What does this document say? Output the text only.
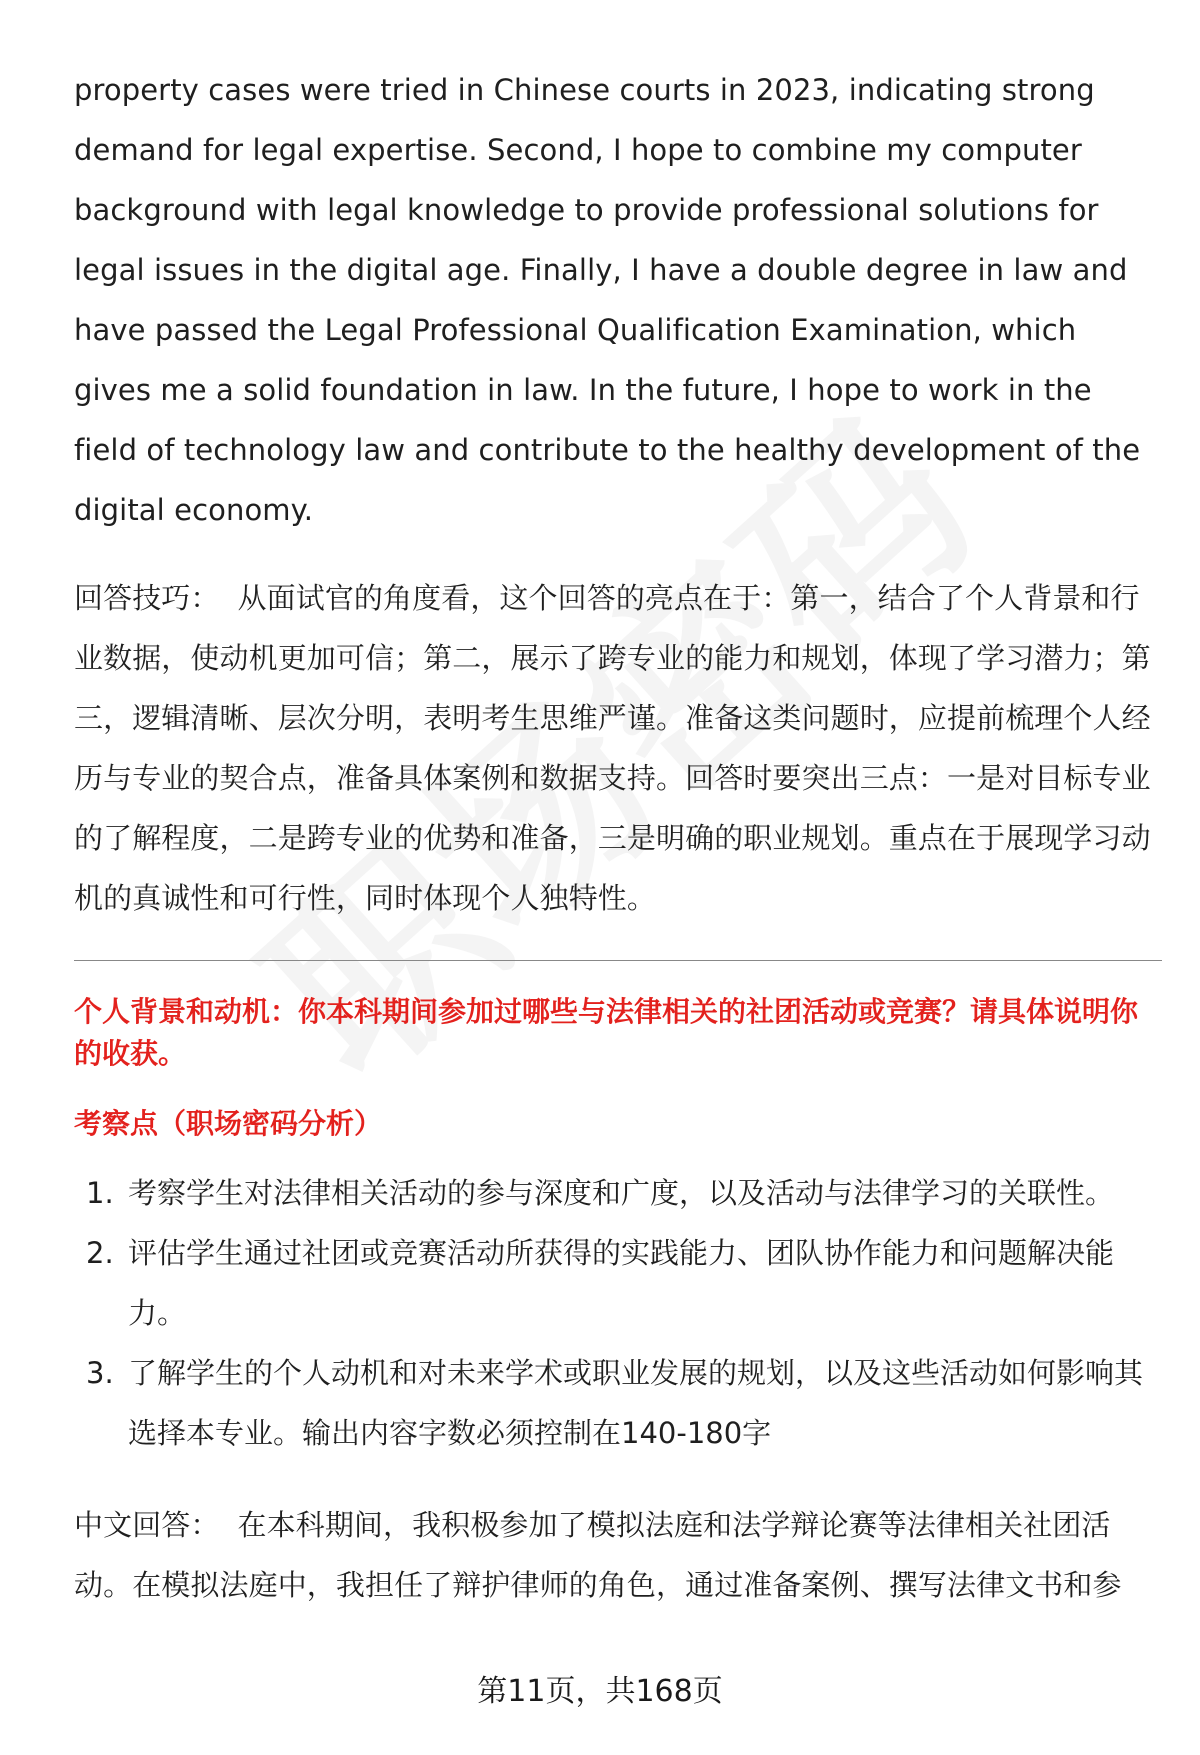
property cases were tried in Chinese courts in 2023, indicating strong demand for legal expertise. Second, I hope to combine my computer background with legal knowledge to provide professional solutions for legal issues in the digital age. Finally, I have a double degree in law and have passed the Legal Professional Qualification Examination, which gives me a solid foundation in law. In the future, I hope to work in the field of technology law and contribute to the healthy development of the digital economy.

回答技巧： 从面试官的角度看，这个回答的亮点在于：第一，结合了个人背景和行业数据，使动机更加可信；第二，展示了跨专业的能力和规划，体现了学习潜力；第三，逻辑清晰、层次分明，表明考生思维严谨。准备这类问题时，应提前梳理个人经历与专业的契合点，准备具体案例和数据支持。回答时要突出三点：一是对目标专业的了解程度，二是跨专业的优势和准备，三是明确的职业规划。重点在于展现学习动机的真诚性和可行性，同时体现个人独特性。

个人背景和动机：你本科期间参加过哪些与法律相关的社团活动或竞赛？请具体说明你的收获。

考察点（职场密码分析）

1. 考察学生对法律相关活动的参与深度和广度，以及活动与法律学习的关联性。
2. 评估学生通过社团或竞赛活动所获得的实践能力、团队协作能力和问题解决能力。
3. 了解学生的个人动机和对未来学术或职业发展的规划，以及这些活动如何影响其选择本专业。输出内容字数必须控制在140-180字

中文回答： 在本科期间，我积极参加了模拟法庭和法学辩论赛等法律相关社团活动。在模拟法庭中，我担任了辩护律师的角色，通过准备案例、撰写法律文书和参

第11页，共168页
